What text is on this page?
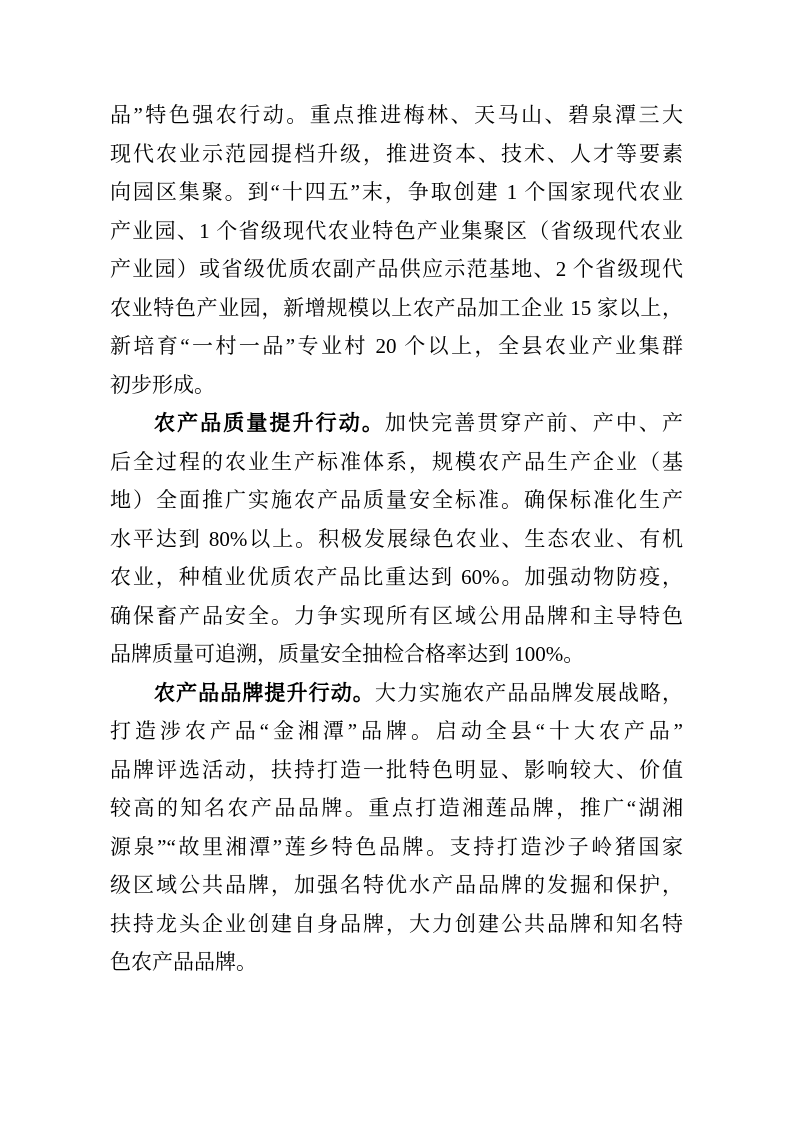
品”特色强农行动。重点推进梅林、天马山、碧泉潭三大
现代农业示范园提档升级，推进资本、技术、人才等要素
向园区集聚。到“十四五”末，争取创建 1 个国家现代农业
产业园、1 个省级现代农业特色产业集聚区（省级现代农业
产业园）或省级优质农副产品供应示范基地、2 个省级现代
农业特色产业园，新增规模以上农产品加工企业 15 家以上，
新培育“一村一品”专业村 20 个以上，全县农业产业集群
初步形成。
农产品质量提升行动。加快完善贯穿产前、产中、产
后全过程的农业生产标准体系，规模农产品生产企业（基
地）全面推广实施农产品质量安全标准。确保标准化生产
水平达到 80%以上。积极发展绿色农业、生态农业、有机
农业，种植业优质农产品比重达到 60%。加强动物防疫，
确保畜产品安全。力争实现所有区域公用品牌和主导特色
品牌质量可追溯，质量安全抽检合格率达到 100%。
农产品品牌提升行动。大力实施农产品品牌发展战略，
打造涉农产品“金湘潭”品牌。启动全县“十大农产品”
品牌评选活动，扶持打造一批特色明显、影响较大、价值
较高的知名农产品品牌。重点打造湘莲品牌，推广“湖湘
源泉”“故里湘潭”莲乡特色品牌。支持打造沙子岭猪国家
级区域公共品牌，加强名特优水产品品牌的发掘和保护，
扶持龙头企业创建自身品牌，大力创建公共品牌和知名特
色农产品品牌。
